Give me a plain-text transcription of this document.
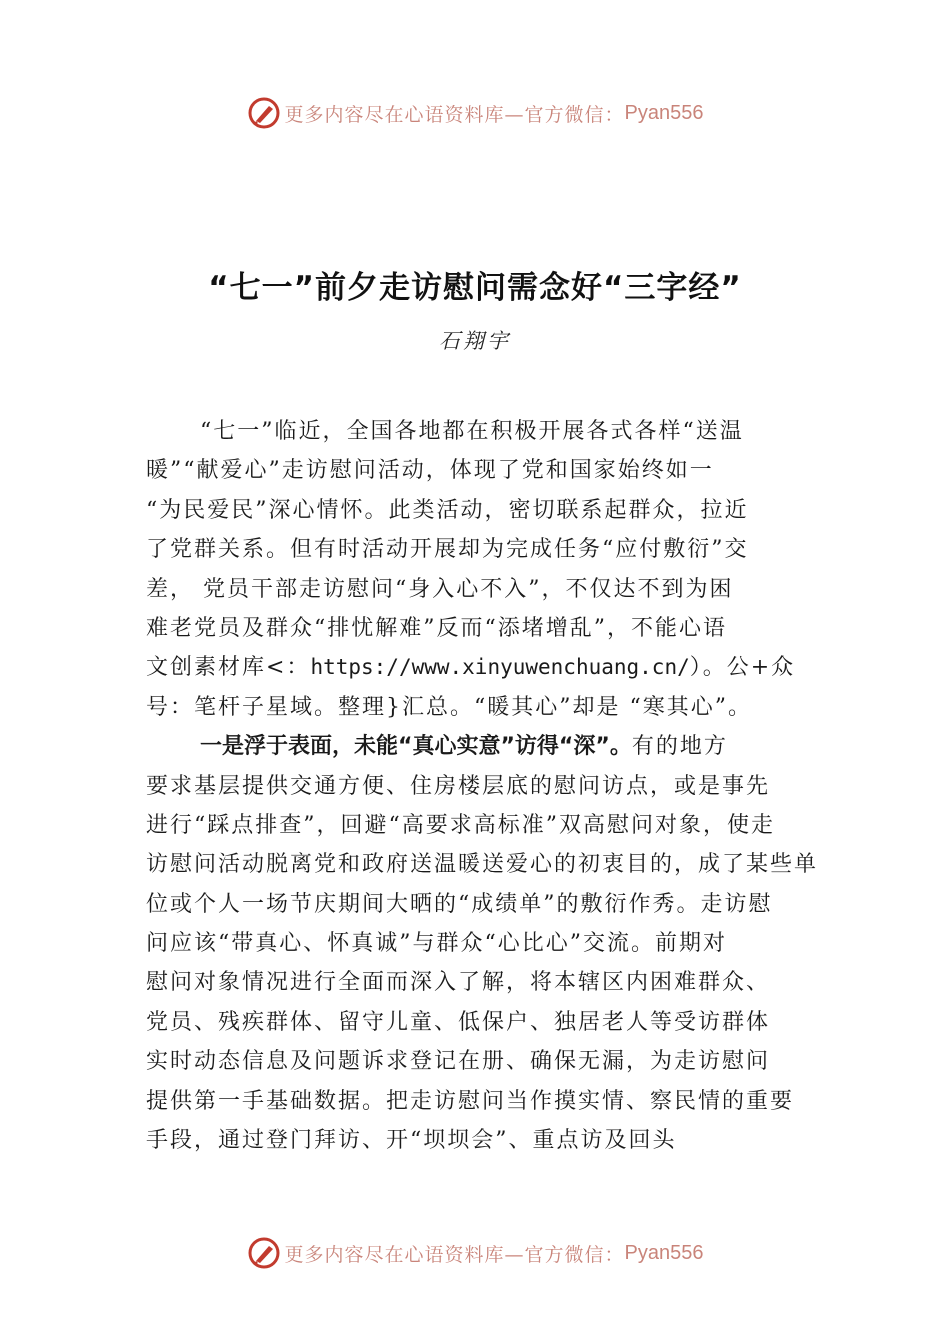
更多内容尽在心语资料库—官方微信： Pyan556
“七一”前夕走访慰问需念好“三字经”
石翔宇
“七一”临近，全国各地都在积极开展各式各样“送温
暖”“献爱心”走访慰问活动，体现了党和国家始终如一
“为民爱民”深心情怀。此类活动，密切联系起群众，拉近
了党群关系。但有时活动开展却为完成任务“应付敷衍”交
差， 党员干部走访慰问“身入心不入”，不仅达不到为困
难老党员及群众“排忧解难”反而“添堵增乱”，不能心语
文创素材库<：https://www.xinyuwenchuang.cn/）。公+众
号：笔杆子星域。整理}汇总。“暖其心”却是 “寒其心”。
一是浮于表面，未能“真心实意”访得“深”。有的地方
要求基层提供交通方便、住房楼层底的慰问访点，或是事先
进行“踩点排查”，回避“高要求高标准”双高慰问对象，使走
访慰问活动脱离党和政府送温暖送爱心的初衷目的，成了某些单
位或个人一场节庆期间大晒的“成绩单”的敷衍作秀。走访慰
问应该“带真心、怀真诚”与群众“心比心”交流。前期对
慰问对象情况进行全面而深入了解，将本辖区内困难群众、
党员、残疾群体、留守儿童、低保户、独居老人等受访群体
实时动态信息及问题诉求登记在册、确保无漏，为走访慰问
提供第一手基础数据。把走访慰问当作摸实情、察民情的重要
手段，通过登门拜访、开“坝坝会”、重点访及回头
更多内容尽在心语资料库—官方微信： Pyan556
